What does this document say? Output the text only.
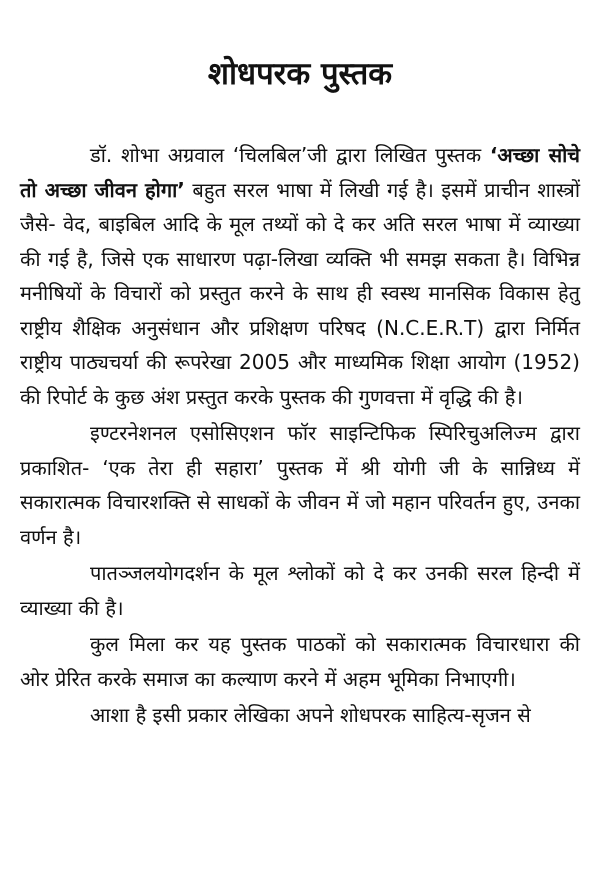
शोधपरक पुस्तक

डॉ. शोभा अग्रवाल ‘चिलबिल’जी द्वारा लिखित पुस्तक ‘अच्छा सोचे तो अच्छा जीवन होगा’ बहुत सरल भाषा में लिखी गई है। इसमें प्राचीन शास्त्रों जैसे- वेद, बाइबिल आदि के मूल तथ्यों को दे कर अति सरल भाषा में व्याख्या की गई है, जिसे एक साधारण पढ़ा-लिखा व्यक्ति भी समझ सकता है। विभिन्न मनीषियों के विचारों को प्रस्तुत करने के साथ ही स्वस्थ मानसिक विकास हेतु राष्ट्रीय शैक्षिक अनुसंधान और प्रशिक्षण परिषद (N.C.E.R.T) द्वारा निर्मित राष्ट्रीय पाठ्यचर्या की रूपरेखा 2005 और माध्यमिक शिक्षा आयोग (1952) की रिपोर्ट के कुछ अंश प्रस्तुत करके पुस्तक की गुणवत्ता में वृद्धि की है।

इण्टरनेशनल एसोसिएशन फॉर साइन्टिफिक स्पिरिचुअलिज्म द्वारा प्रकाशित- ‘एक तेरा ही सहारा’ पुस्तक में श्री योगी जी के सान्निध्य में सकारात्मक विचारशक्ति से साधकों के जीवन में जो महान परिवर्तन हुए, उनका वर्णन है।

पातञ्जलयोगदर्शन के मूल श्लोकों को दे कर उनकी सरल हिन्दी में व्याख्या की है।

कुल मिला कर यह पुस्तक पाठकों को सकारात्मक विचारधारा की ओर प्रेरित करके समाज का कल्याण करने में अहम भूमिका निभाएगी।

आशा है इसी प्रकार लेखिका अपने शोधपरक साहित्य-सृजन से
